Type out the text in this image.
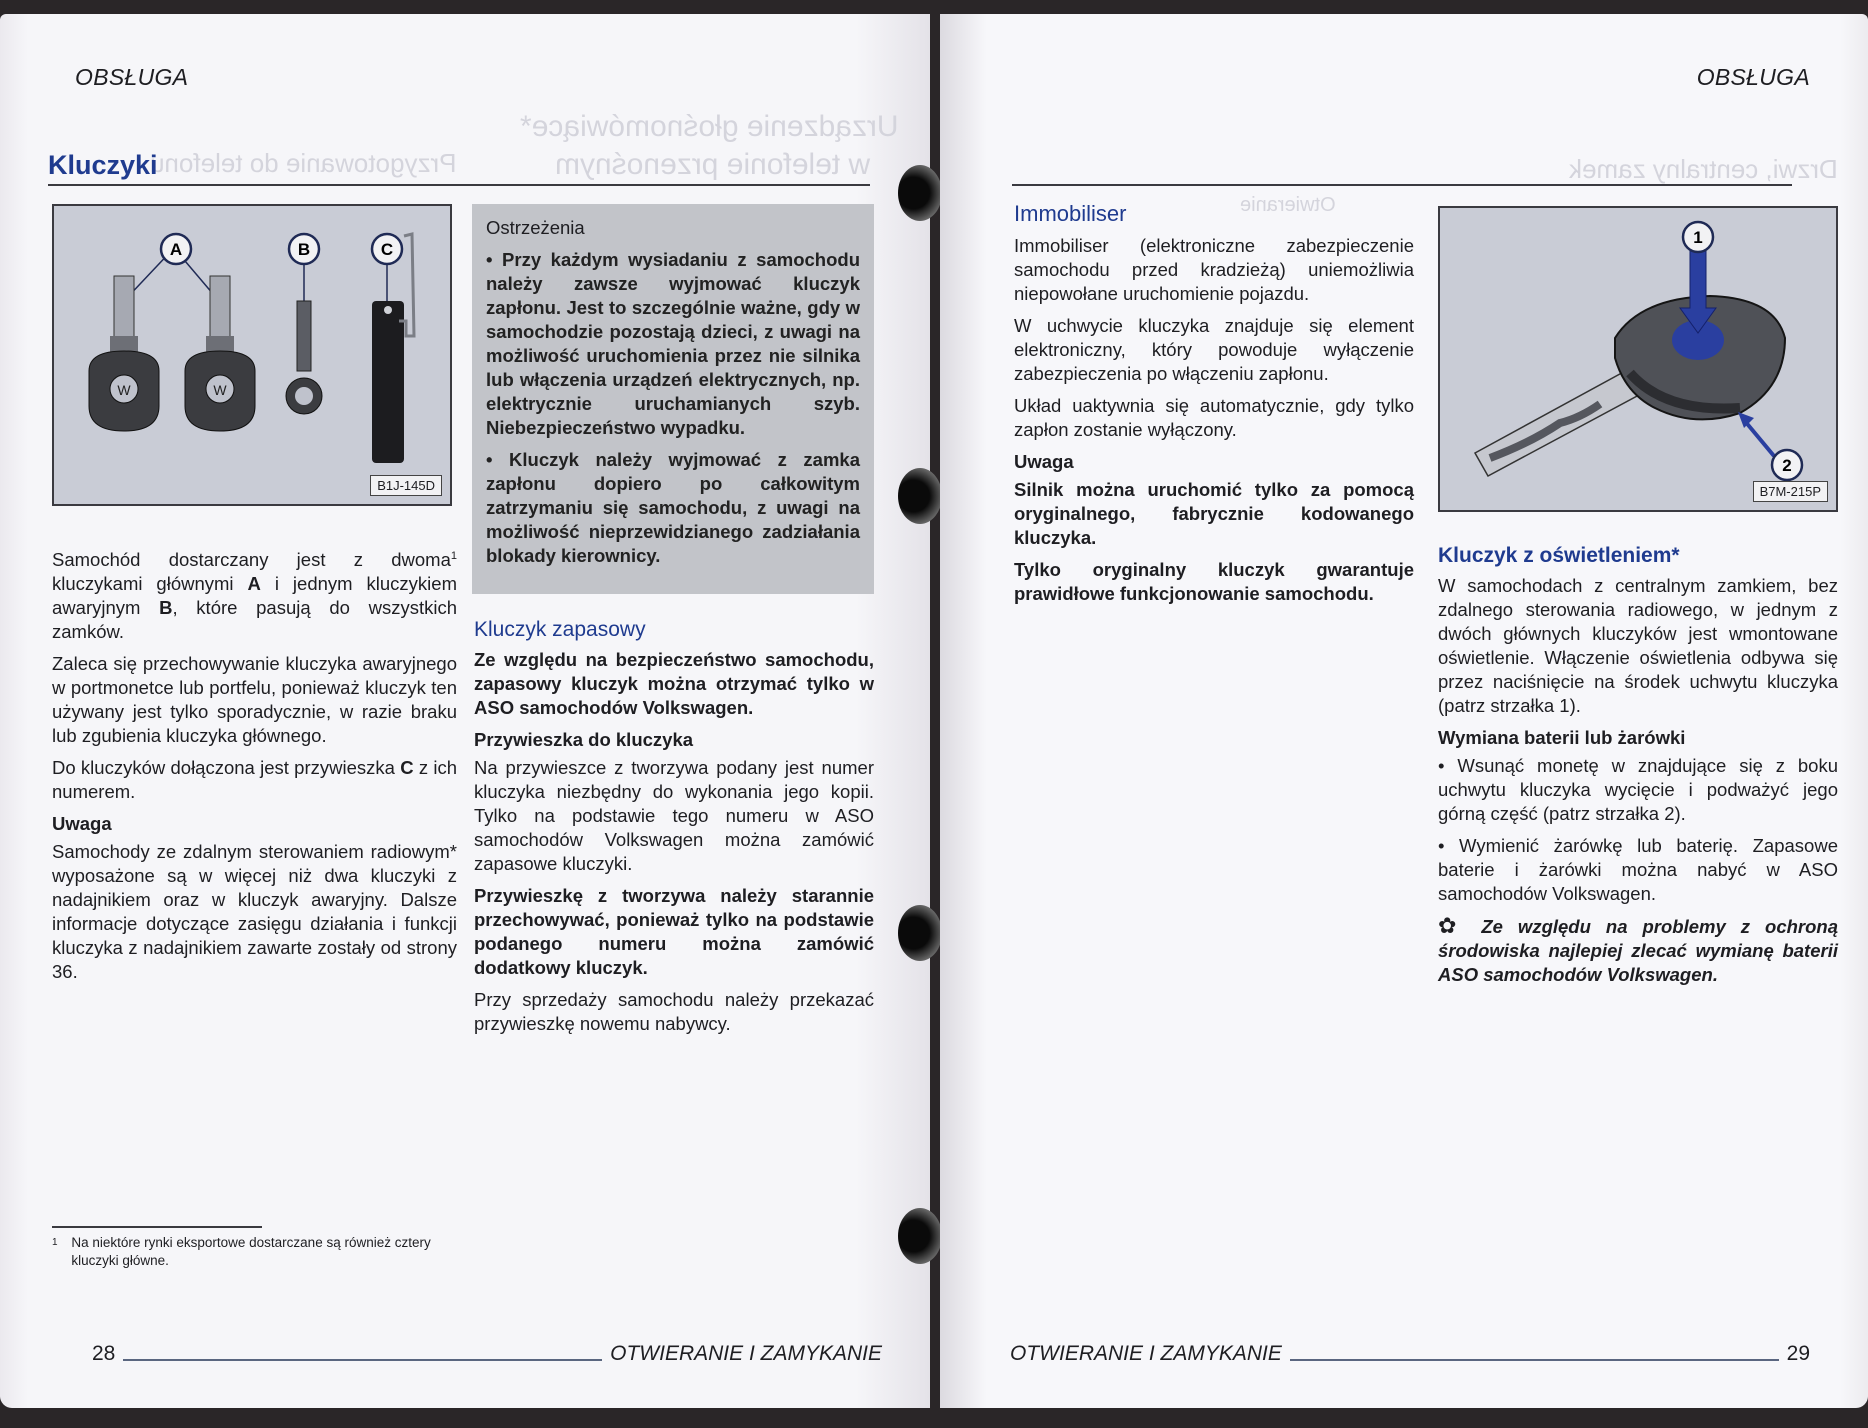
OBSŁUGA
Urządzenie głośnomówiące*
w telefonie przenośnym
Przygotowanie do telefonu
Kluczyki
W	W
A	B	C
B1J-145D

Samochód dostarczany jest z dwoma$^1$ kluczykami głównymi A i jednym kluczykiem awaryjnym B, które pasują do wszystkich zamków.

Zaleca się przechowywanie kluczyka awaryjnego w portmonetce lub portfelu, ponieważ kluczyk ten używany jest tylko sporadycznie, w razie braku lub zgubienia kluczyka głównego.

Do kluczyków dołączona jest przywieszka C z ich numerem.

Uwaga

Samochody ze zdalnym sterowaniem radiowym* wyposażone są w więcej niż dwa kluczyki z nadajnikiem oraz w kluczyk awaryjny. Dalsze informacje dotyczące zasięgu działania i funkcji kluczyka z nadajnikiem zawarte zostały od strony 36.

Ostrzeżenia

• Przy każdym wysiadaniu z samochodu należy zawsze wyjmować kluczyk zapłonu. Jest to szczególnie ważne, gdy w samochodzie pozostają dzieci, z uwagi na możliwość uruchomienia przez nie silnika lub włączenia urządzeń elektrycznych, np. elektrycznie uruchamianych szyb. Niebezpieczeństwo wypadku.

• Kluczyk należy wyjmować z zamka zapłonu dopiero po całkowitym zatrzymaniu się samochodu, z uwagi na możliwość nieprzewidzianego zadziałania blokady kierownicy.

Kluczyk zapasowy

Ze względu na bezpieczeństwo samochodu, zapasowy kluczyk można otrzymać tylko w ASO samochodów Volkswagen.

Przywieszka do kluczyka

Na przywieszce z tworzywa podany jest numer kluczyka niezbędny do wykonania jego kopii. Tylko na podstawie tego numeru w ASO samochodów Volkswagen można zamówić zapasowe kluczyki.

Przywieszkę z tworzywa należy starannie przechowywać, ponieważ tylko na podstawie podanego numeru można zamówić dodatkowy kluczyk.

Przy sprzedaży samochodu należy przekazać przywieszkę nowemu nabywcy.

$^1$ Na niektóre rynki eksportowe dostarczane są również cztery kluczyki główne.
28	OTWIERANIE I ZAMYKANIE
OBSŁUGA
Drzwi, centralny zamek
Otwieranie
Immobiliser

Immobiliser (elektroniczne zabezpieczenie samochodu przed kradzieżą) uniemożliwia niepowołane uruchomienie pojazdu.

W uchwycie kluczyka znajduje się element elektroniczny, który powoduje wyłączenie zabezpieczenia po włączeniu zapłonu.

Układ uaktywnia się automatycznie, gdy tylko zapłon zostanie wyłączony.

Uwaga

Silnik można uruchomić tylko za pomocą oryginalnego, fabrycznie kodowanego kluczyka.

Tylko oryginalny kluczyk gwarantuje prawidłowe funkcjonowanie samochodu.

1
2
B7M-215P
Kluczyk z oświetleniem*

W samochodach z centralnym zamkiem, bez zdalnego sterowania radiowego, w jednym z dwóch głównych kluczyków jest wmontowane oświetlenie. Włączenie oświetlenia odbywa się przez naciśnięcie na środek uchwytu kluczyka (patrz strzałka 1).

Wymiana baterii lub żarówki

• Wsunąć monetę w znajdujące się z boku uchwytu kluczyka wycięcie i podważyć jego górną część (patrz strzałka 2).

• Wymienić żarówkę lub baterię. Zapasowe baterie i żarówki można nabyć w ASO samochodów Volkswagen.

✿ Ze względu na problemy z ochroną środowiska najlepiej zlecać wymianę baterii ASO samochodów Volkswagen.

OTWIERANIE I ZAMYKANIE	29
